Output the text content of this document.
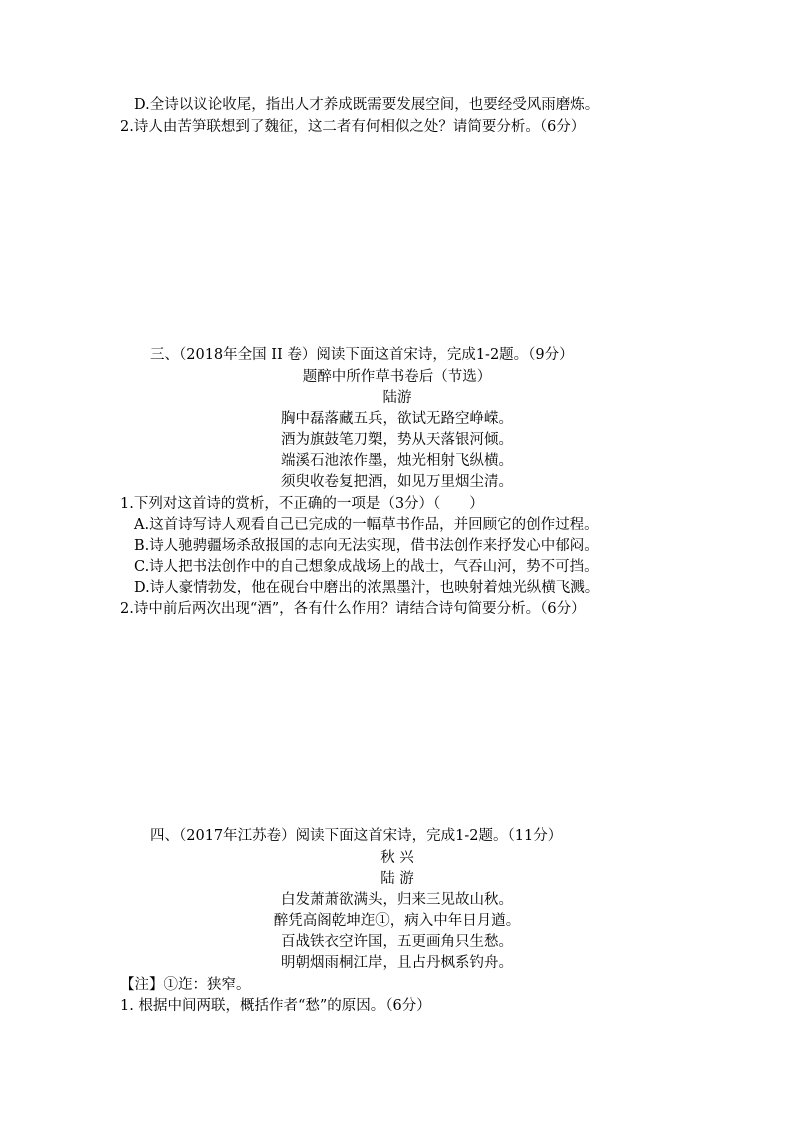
D.全诗以议论收尾，指出人才养成既需要发展空间，也要经受风雨磨炼。
2.诗人由苦笋联想到了魏征，这二者有何相似之处？请简要分析。（6分）
三、（2018年全国 II 卷）阅读下面这首宋诗，完成1-2题。（9分）
题醉中所作草书卷后（节选）
陆游
胸中磊落藏五兵，欲试无路空峥嵘。
酒为旗鼓笔刀槊，势从天落银河倾。
端溪石池浓作墨，烛光相射飞纵横。
须臾收卷复把酒，如见万里烟尘清。
1.下列对这首诗的赏析，不正确的一项是（3分）（　　）
A.这首诗写诗人观看自己已完成的一幅草书作品，并回顾它的创作过程。
B.诗人驰骋疆场杀敌报国的志向无法实现，借书法创作来抒发心中郁闷。
C.诗人把书法创作中的自己想象成战场上的战士，气吞山河，势不可挡。
D.诗人豪情勃发，他在砚台中磨出的浓黑墨汁，也映射着烛光纵横飞溅。
2.诗中前后两次出现“酒”，各有什么作用？请结合诗句简要分析。（6分）
四、（2017年江苏卷）阅读下面这首宋诗，完成1-2题。（11分）
秋 兴
陆 游
白发萧萧欲满头，归来三见故山秋。
醉凭高阁乾坤迮①，病入中年日月遒。
百战铁衣空许国，五更画角只生愁。
明朝烟雨桐江岸，且占丹枫系钓舟。
【注】①迮：狭窄。
1. 根据中间两联，概括作者“愁”的原因。（6分）
